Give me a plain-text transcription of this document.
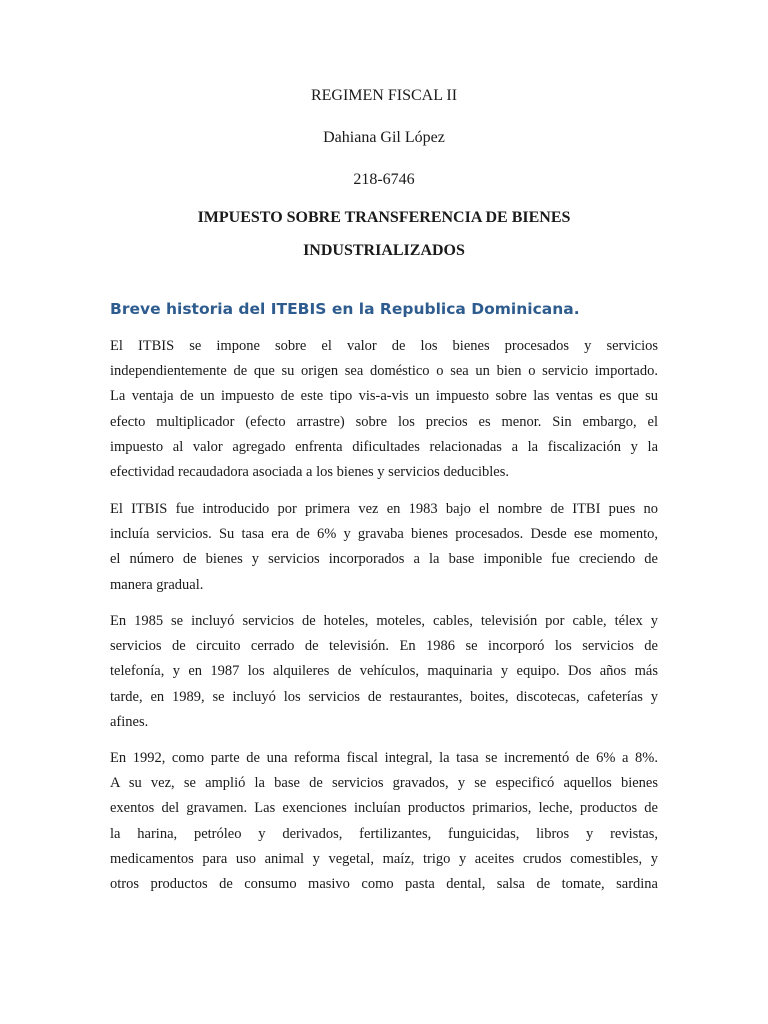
REGIMEN FISCAL II
Dahiana Gil López
218-6746
IMPUESTO SOBRE TRANSFERENCIA DE BIENES
INDUSTRIALIZADOS
Breve historia del ITEBIS en la Republica Dominicana.
El ITBIS se impone sobre el valor de los bienes procesados y servicios
independientemente de que su origen sea doméstico o sea un bien o servicio importado.
La ventaja de un impuesto de este tipo vis-a-vis un impuesto sobre las ventas es que su
efecto multiplicador (efecto arrastre) sobre los precios es menor. Sin embargo, el
impuesto al valor agregado enfrenta dificultades relacionadas a la fiscalización y la
efectividad recaudadora asociada a los bienes y servicios deducibles.
El ITBIS fue introducido por primera vez en 1983 bajo el nombre de ITBI pues no
incluía servicios. Su tasa era de 6% y gravaba bienes procesados. Desde ese momento,
el número de bienes y servicios incorporados a la base imponible fue creciendo de
manera gradual.
En 1985 se incluyó servicios de hoteles, moteles, cables, televisión por cable, télex y
servicios de circuito cerrado de televisión. En 1986 se incorporó los servicios de
telefonía, y en 1987 los alquileres de vehículos, maquinaria y equipo. Dos años más
tarde, en 1989, se incluyó los servicios de restaurantes, boites, discotecas, cafeterías y
afines.
En 1992, como parte de una reforma fiscal integral, la tasa se incrementó de 6% a 8%.
A su vez, se amplió la base de servicios gravados, y se especificó aquellos bienes
exentos del gravamen. Las exenciones incluían productos primarios, leche, productos de
la harina, petróleo y derivados, fertilizantes, funguicidas, libros y revistas,
medicamentos para uso animal y vegetal, maíz, trigo y aceites crudos comestibles, y
otros productos de consumo masivo como pasta dental, salsa de tomate, sardina
